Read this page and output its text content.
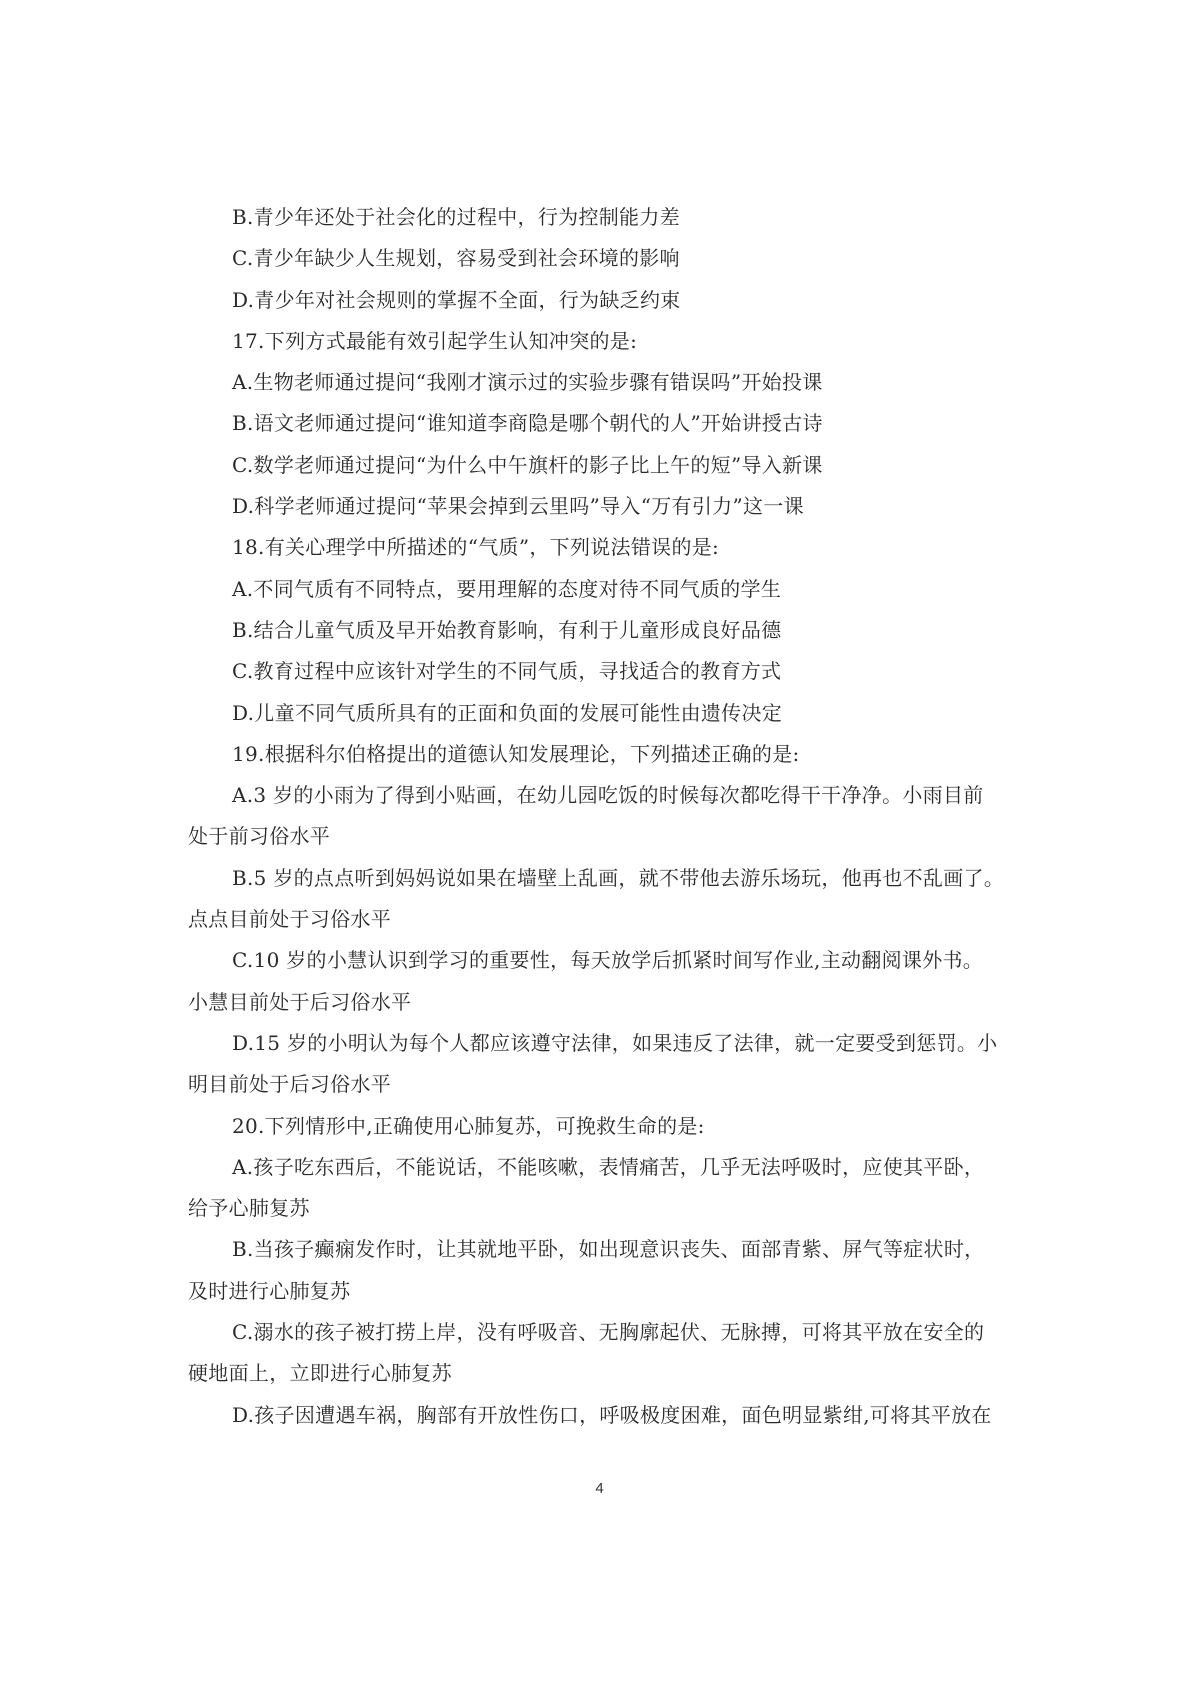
B.青少年还处于社会化的过程中，行为控制能力差
C.青少年缺少人生规划，容易受到社会环境的影响
D.青少年对社会规则的掌握不全面，行为缺乏约束
17.下列方式最能有效引起学生认知冲突的是:
A.生物老师通过提问“我刚才演示过的实验步骤有错误吗”开始投课
B.语文老师通过提问“谁知道李商隐是哪个朝代的人”开始讲授古诗
C.数学老师通过提问“为什么中午旗杆的影子比上午的短”导入新课
D.科学老师通过提问“苹果会掉到云里吗”导入“万有引力”这一课
18.有关心理学中所描述的“气质”，下列说法错误的是:
A.不同气质有不同特点，要用理解的态度对待不同气质的学生
B.结合儿童气质及早开始教育影响，有利于儿童形成良好品德
C.教育过程中应该针对学生的不同气质，寻找适合的教育方式
D.儿童不同气质所具有的正面和负面的发展可能性由遗传决定
19.根据科尔伯格提出的道德认知发展理论，下列描述正确的是:
A.3 岁的小雨为了得到小贴画，在幼儿园吃饭的时候每次都吃得干干净净。小雨目前
处于前习俗水平
B.5 岁的点点听到妈妈说如果在墙壁上乱画，就不带他去游乐场玩，他再也不乱画了。
点点目前处于习俗水平
C.10 岁的小慧认识到学习的重要性，每天放学后抓紧时间写作业,主动翻阅课外书。
小慧目前处于后习俗水平
D.15 岁的小明认为每个人都应该遵守法律，如果违反了法律，就一定要受到惩罚。小
明目前处于后习俗水平
20.下列情形中,正确使用心肺复苏，可挽救生命的是:
A.孩子吃东西后，不能说话，不能咳嗽，表情痛苦，几乎无法呼吸时，应使其平卧，
给予心肺复苏
B.当孩子癫痫发作时，让其就地平卧，如出现意识丧失、面部青紫、屏气等症状时，
及时进行心肺复苏
C.溺水的孩子被打捞上岸，没有呼吸音、无胸廓起伏、无脉搏，可将其平放在安全的
硬地面上，立即进行心肺复苏
D.孩子因遭遇车祸，胸部有开放性伤口，呼吸极度困难，面色明显紫绀,可将其平放在
4
